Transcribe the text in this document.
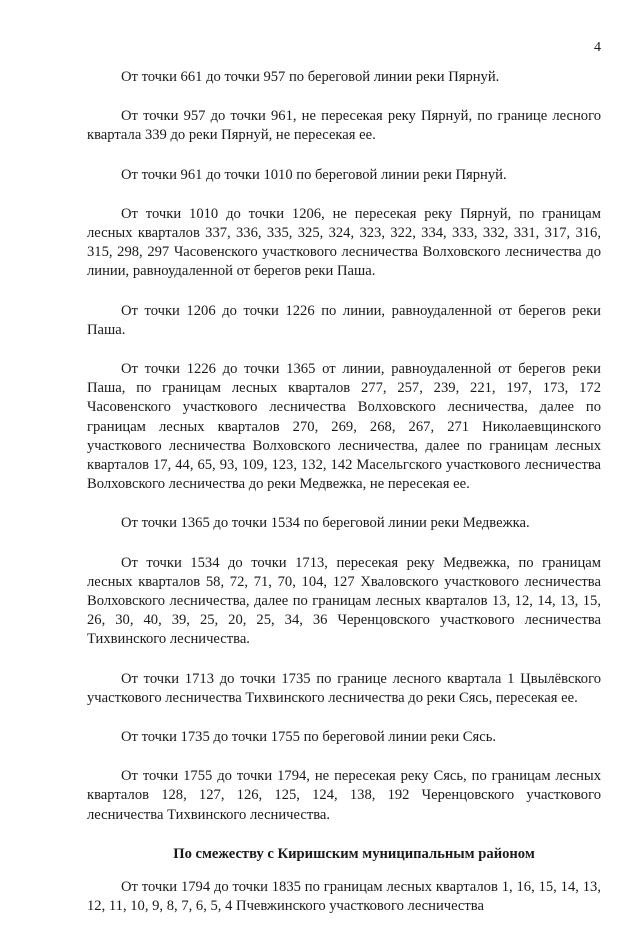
4

От точки 661 до точки 957 по береговой линии реки Пярнуй.

От точки 957 до точки 961, не пересекая реку Пярнуй, по границе лесного квартала 339 до реки Пярнуй, не пересекая ее.

От точки 961 до точки 1010 по береговой линии реки Пярнуй.

От точки 1010 до точки 1206, не пересекая реку Пярнуй, по границам лесных кварталов 337, 336, 335, 325, 324, 323, 322, 334, 333, 332, 331, 317, 316, 315, 298, 297 Часовенского участкового лесничества Волховского лесничества до линии, равноудаленной от берегов реки Паша.

От точки 1206 до точки 1226 по линии, равноудаленной от берегов реки Паша.

От точки 1226 до точки 1365 от линии, равноудаленной от берегов реки Паша, по границам лесных кварталов 277, 257, 239, 221, 197, 173, 172 Часовенского участкового лесничества Волховского лесничества, далее по границам лесных кварталов 270, 269, 268, 267, 271 Николаевщинского участкового лесничества Волховского лесничества, далее по границам лесных кварталов 17, 44, 65, 93, 109, 123, 132, 142 Масельгского участкового лесничества Волховского лесничества до реки Медвежка, не пересекая ее.

От точки 1365 до точки 1534 по береговой линии реки Медвежка.

От точки 1534 до точки 1713, пересекая реку Медвежка, по границам лесных кварталов 58, 72, 71, 70, 104, 127 Хваловского участкового лесничества Волховского лесничества, далее по границам лесных кварталов 13, 12, 14, 13, 15, 26, 30, 40, 39, 25, 20, 25, 34, 36 Черенцовского участкового лесничества Тихвинского лесничества.

От точки 1713 до точки 1735 по границе лесного квартала 1 Цвылёвского участкового лесничества Тихвинского лесничества до реки Сясь, пересекая ее.

От точки 1735 до точки 1755 по береговой линии реки Сясь.

От точки 1755 до точки 1794, не пересекая реку Сясь, по границам лесных кварталов 128, 127, 126, 125, 124, 138, 192 Черенцовского участкового лесничества Тихвинского лесничества.

По смежеству с Киришским муниципальным районом

От точки 1794 до точки 1835 по границам лесных кварталов 1, 16, 15, 14, 13, 12, 11, 10, 9, 8, 7, 6, 5, 4 Пчевжинского участкового лесничества
